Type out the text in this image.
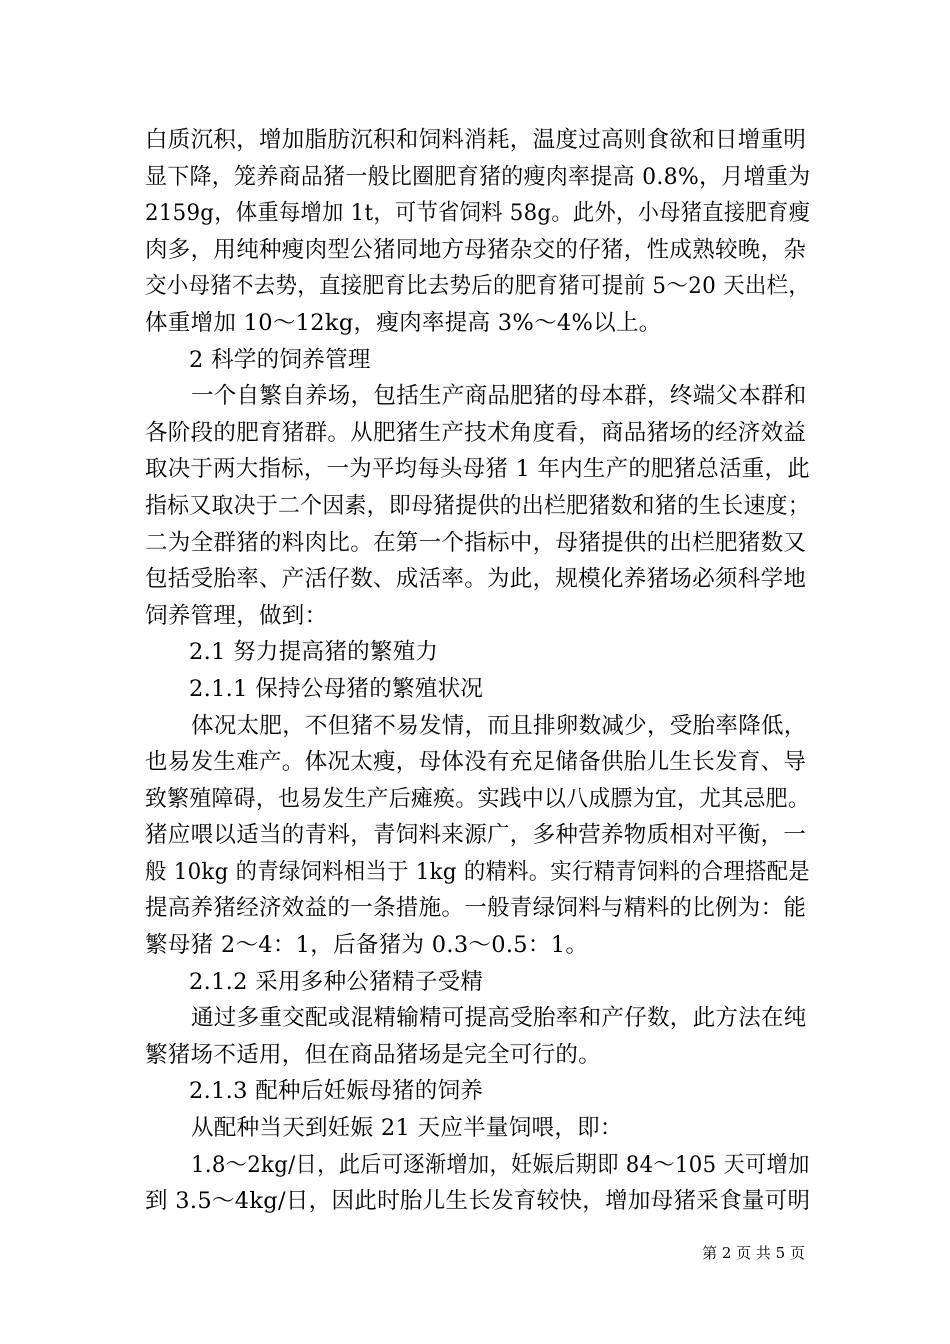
白质沉积，增加脂肪沉积和饲料消耗，温度过高则食欲和日增重明
显下降，笼养商品猪一般比圈肥育猪的瘦肉率提高 0.8%，月增重为
2159g，体重每增加 1t，可节省饲料 58g。此外，小母猪直接肥育瘦
肉多，用纯种瘦肉型公猪同地方母猪杂交的仔猪，性成熟较晚，杂
交小母猪不去势，直接肥育比去势后的肥育猪可提前 5～20 天出栏，
体重增加 10～12kg，瘦肉率提高 3%～4%以上。
2 科学的饲养管理
一个自繁自养场，包括生产商品肥猪的母本群，终端父本群和
各阶段的肥育猪群。从肥猪生产技术角度看，商品猪场的经济效益
取决于两大指标，一为平均每头母猪 1 年内生产的肥猪总活重，此
指标又取决于二个因素，即母猪提供的出栏肥猪数和猪的生长速度；
二为全群猪的料肉比。在第一个指标中，母猪提供的出栏肥猪数又
包括受胎率、产活仔数、成活率。为此，规模化养猪场必须科学地
饲养管理，做到：
2.1 努力提高猪的繁殖力
2.1.1 保持公母猪的繁殖状况
体况太肥，不但猪不易发情，而且排卵数减少，受胎率降低，
也易发生难产。体况太瘦，母体没有充足储备供胎儿生长发育、导
致繁殖障碍，也易发生产后瘫痪。实践中以八成膘为宜，尤其忌肥。
猪应喂以适当的青料，青饲料来源广，多种营养物质相对平衡，一
般 10kg 的青绿饲料相当于 1kg 的精料。实行精青饲料的合理搭配是
提高养猪经济效益的一条措施。一般青绿饲料与精料的比例为：能
繁母猪 2～4：1，后备猪为 0.3～0.5：1。
2.1.2 采用多种公猪精子受精
通过多重交配或混精输精可提高受胎率和产仔数，此方法在纯
繁猪场不适用，但在商品猪场是完全可行的。
2.1.3 配种后妊娠母猪的饲养
从配种当天到妊娠 21 天应半量饲喂，即：
1.8～2kg/日，此后可逐渐增加，妊娠后期即 84～105 天可增加
到 3.5～4kg/日，因此时胎儿生长发育较快，增加母猪采食量可明
第 2 页 共 5 页
